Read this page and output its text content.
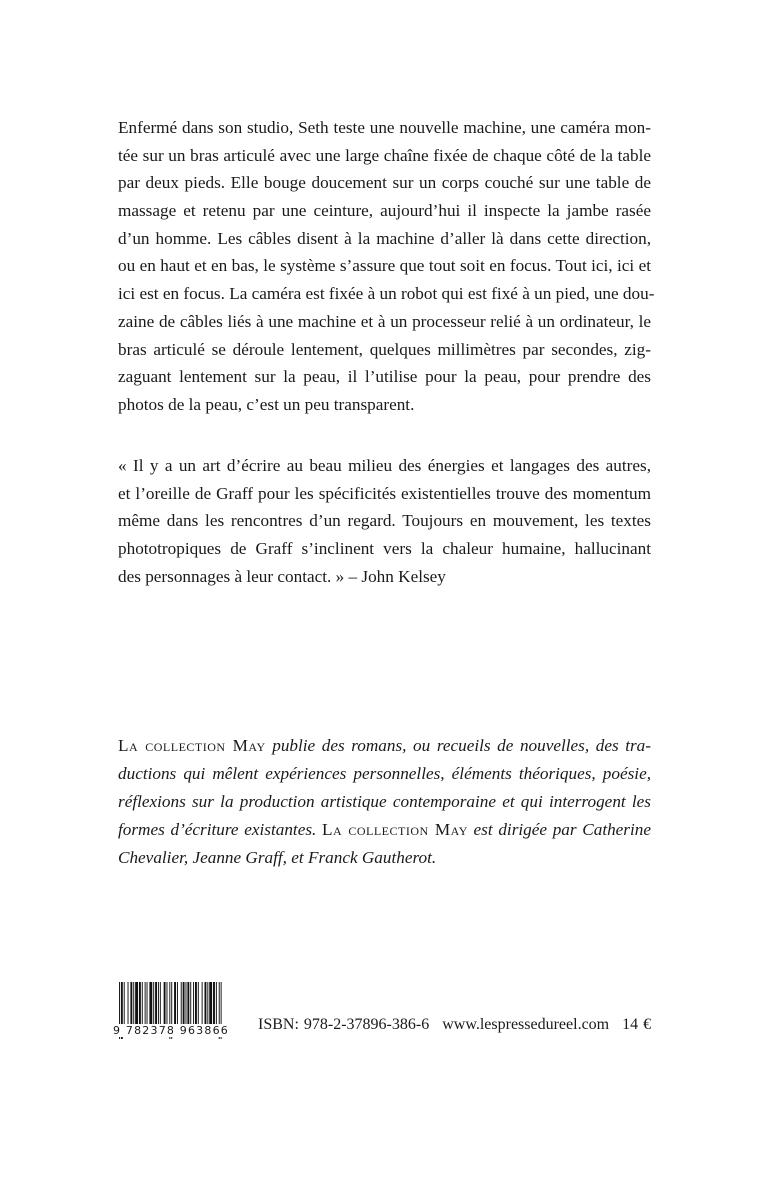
Enfermé dans son studio, Seth teste une nouvelle machine, une caméra mon-
tée sur un bras articulé avec une large chaîne fixée de chaque côté de la table
par deux pieds. Elle bouge doucement sur un corps couché sur une table de
massage et retenu par une ceinture, aujourd’hui il inspecte la jambe rasée
d’un homme. Les câbles disent à la machine d’aller là dans cette direction,
ou en haut et en bas, le système s’assure que tout soit en focus. Tout ici, ici et
ici est en focus. La caméra est fixée à un robot qui est fixé à un pied, une dou-
zaine de câbles liés à une machine et à un processeur relié à un ordinateur, le
bras articulé se déroule lentement, quelques millimètres par secondes, zig-
zaguant lentement sur la peau, il l’utilise pour la peau, pour prendre des
photos de la peau, c’est un peu transparent.
« Il y a un art d’écrire au beau milieu des énergies et langages des autres,
et l’oreille de Graff pour les spécificités existentielles trouve des momentum
même dans les rencontres d’un regard. Toujours en mouvement, les textes
phototropiques de Graff s’inclinent vers la chaleur humaine, hallucinant
des personnages à leur contact. » – John Kelsey
La collection May publie des romans, ou recueils de nouvelles, des tra-
ductions qui mêlent expériences personnelles, éléments théoriques, poésie,
réflexions sur la production artistique contemporaine et qui interrogent les
formes d’écriture existantes. La collection May est dirigée par Catherine
Chevalier, Jeanne Graff, et Franck Gautherot.
9 782378 963866 ISBN: 978-2-37896-386-6 www.lespressedureel.com 14 €
